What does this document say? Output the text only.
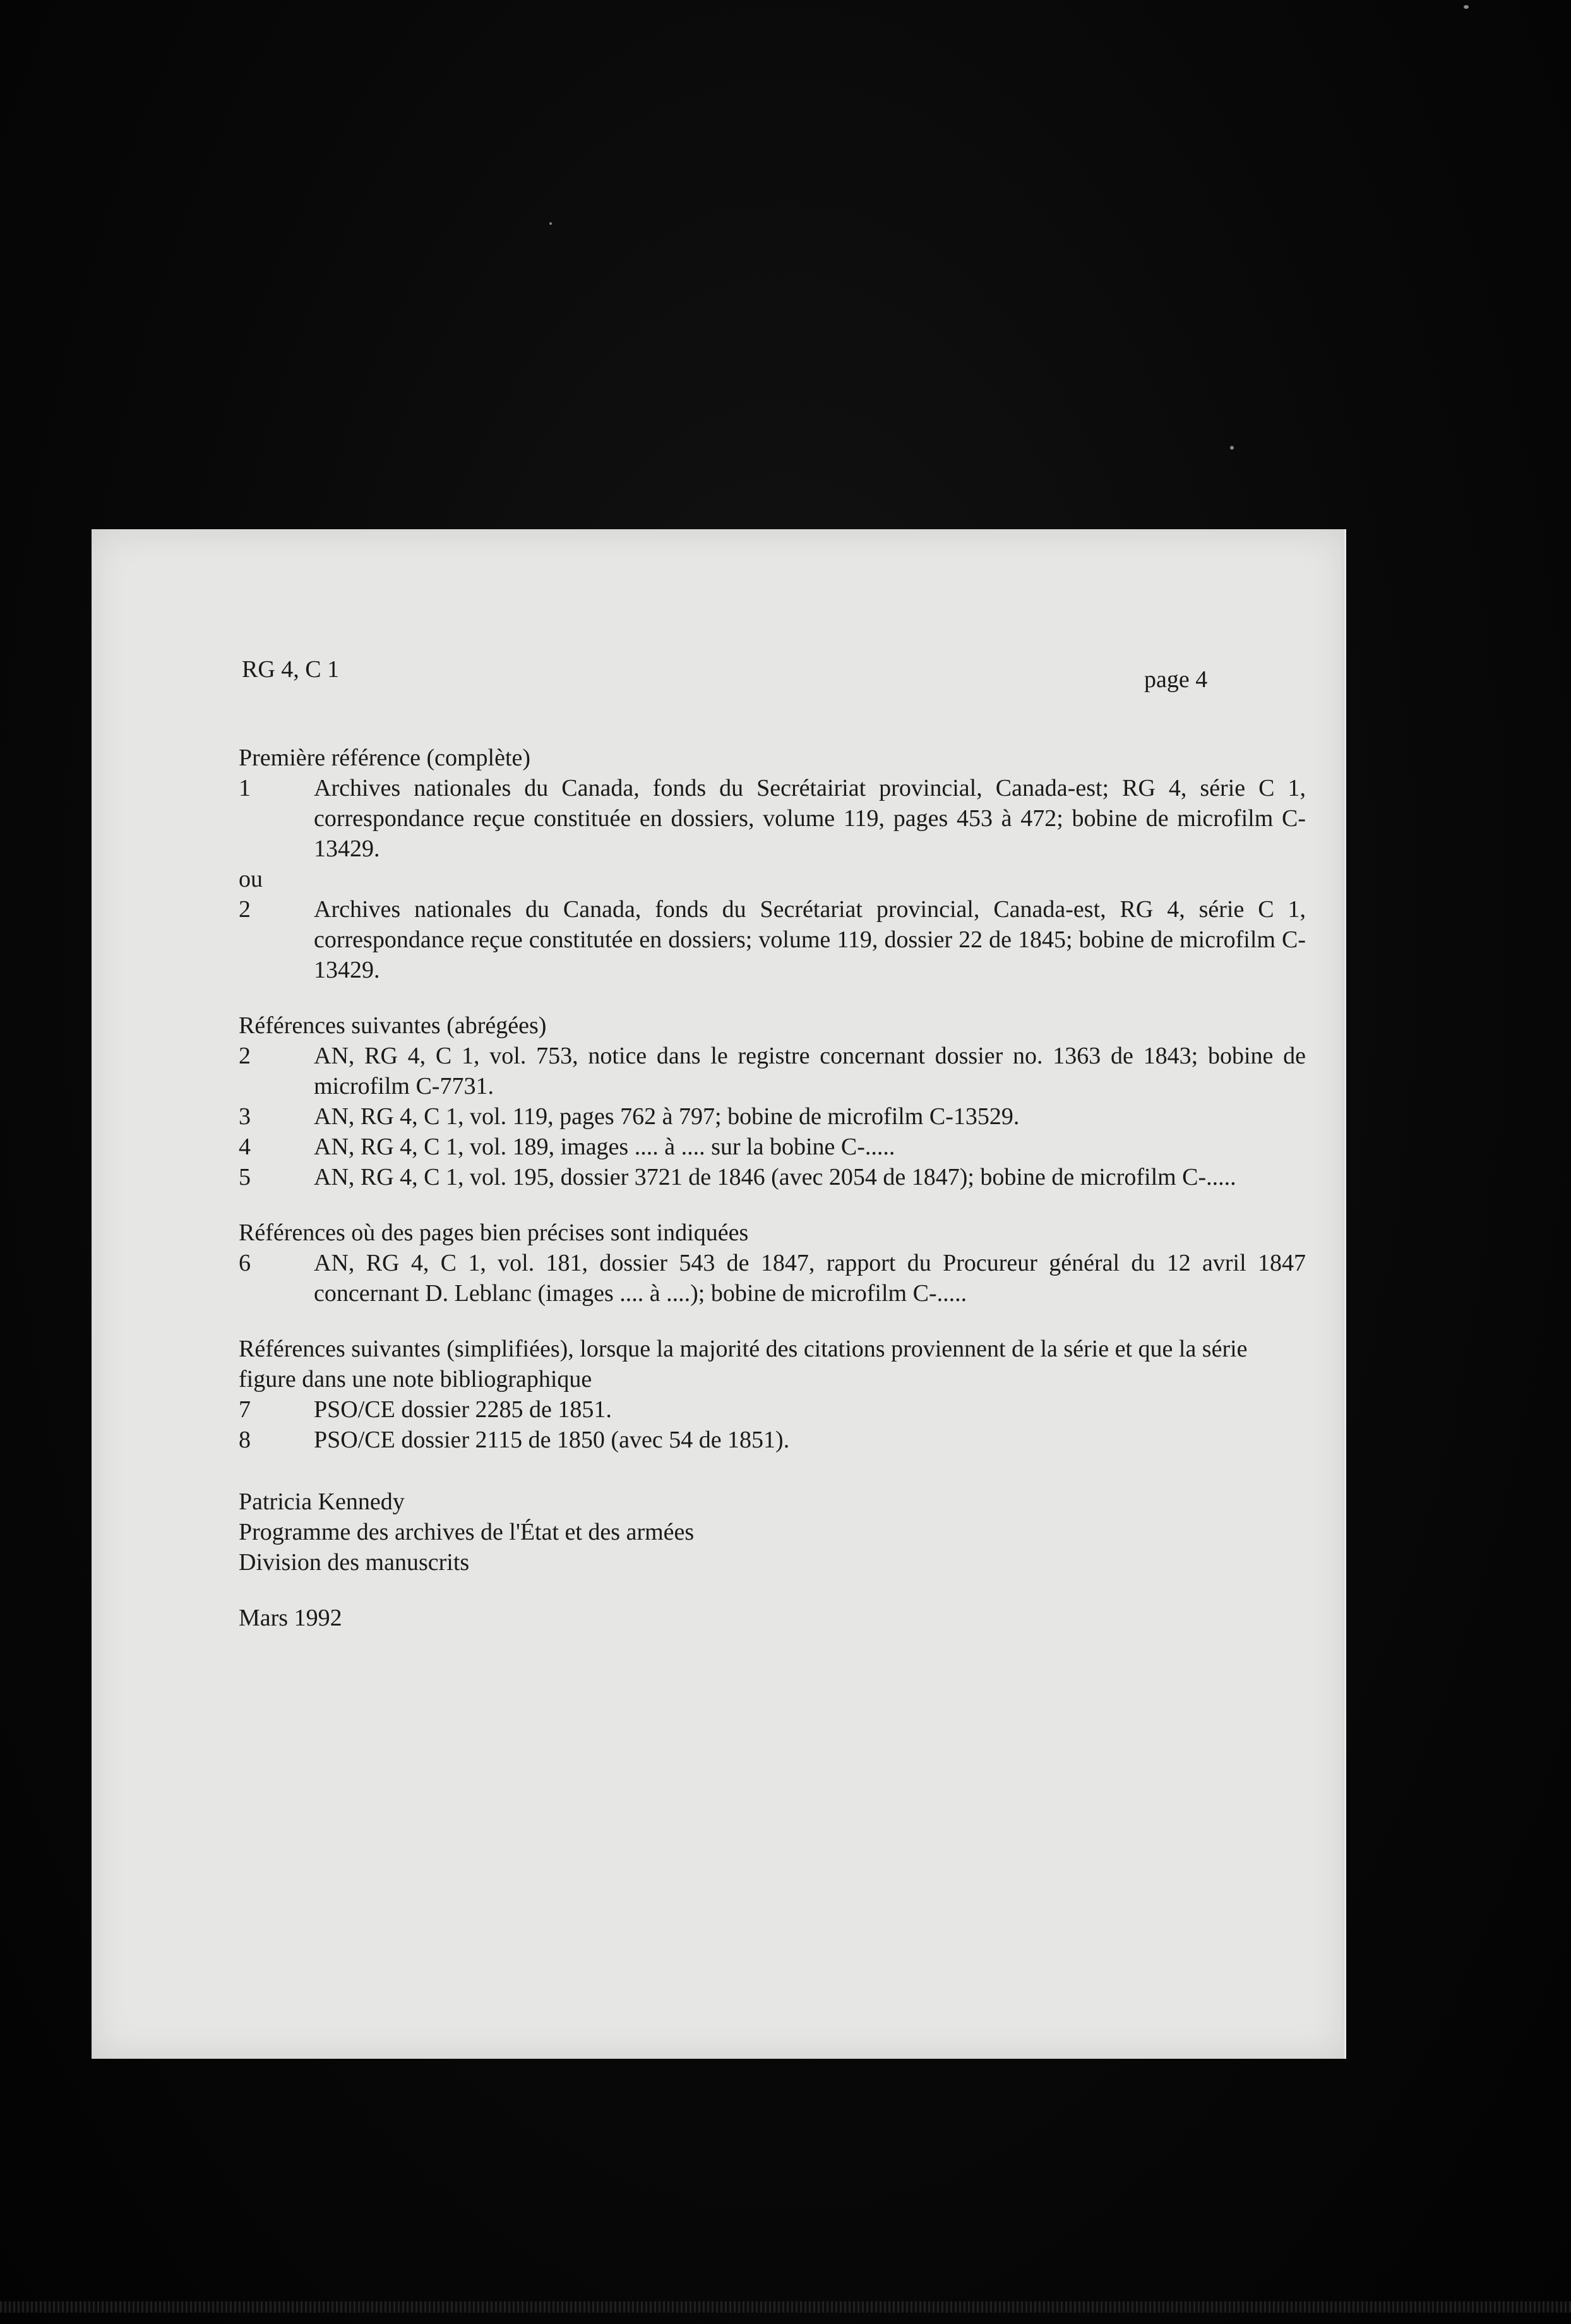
RG 4, C 1	page 4

Première référence (complète)

1	Archives nationales du Canada, fonds du Secrétairiat provincial, Canada-est; RG 4, série C 1, correspondance reçue constituée en dossiers, volume 119, pages 453 à 472; bobine de microfilm C-13429.

ou

2	Archives nationales du Canada, fonds du Secrétariat provincial, Canada-est, RG 4, série C 1, correspondance reçue constitutée en dossiers; volume 119, dossier 22 de 1845; bobine de microfilm C-13429.

Références suivantes (abrégées)

2	AN, RG 4, C 1, vol. 753, notice dans le registre concernant dossier no. 1363 de 1843; bobine de microfilm C-7731.
3	AN, RG 4, C 1, vol. 119, pages 762 à 797; bobine de microfilm C-13529.
4	AN, RG 4, C 1, vol. 189, images .... à .... sur la bobine C-.....
5	AN, RG 4, C 1, vol. 195, dossier 3721 de 1846 (avec 2054 de 1847); bobine de microfilm C-.....

Références où des pages bien précises sont indiquées

6	AN, RG 4, C 1, vol. 181, dossier 543 de 1847, rapport du Procureur général du 12 avril 1847 concernant D. Leblanc (images .... à ....); bobine de microfilm C-.....

Références suivantes (simplifiées), lorsque la majorité des citations proviennent de la série et que la série figure dans une note bibliographique

7	PSO/CE dossier 2285 de 1851.
8	PSO/CE dossier 2115 de 1850 (avec 54 de 1851).

Patricia Kennedy

Programme des archives de l'État et des armées

Division des manuscrits

Mars 1992
